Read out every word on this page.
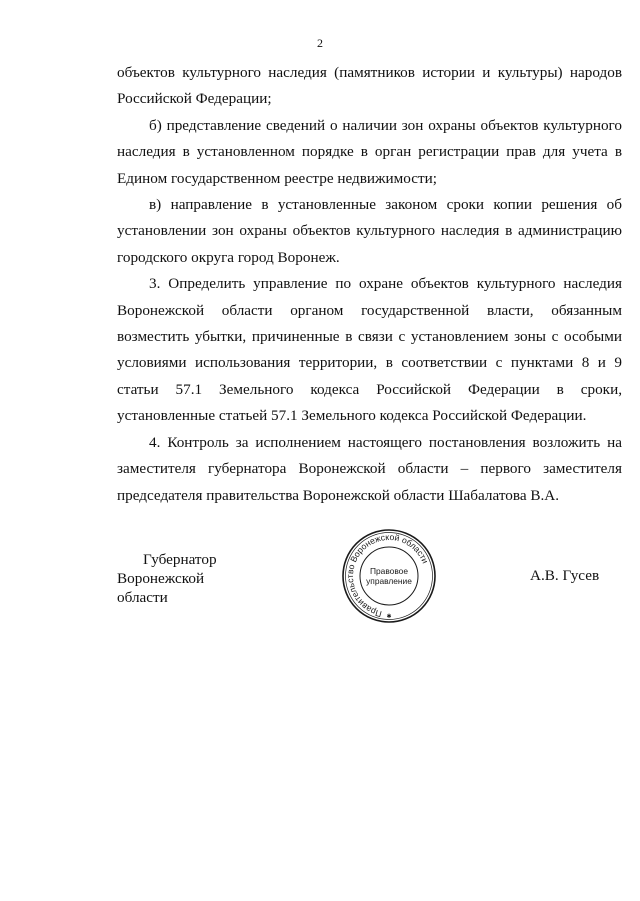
2

объектов культурного наследия (памятников истории и культуры) народов Российской Федерации;

б) представление сведений о наличии зон охраны объектов культурного наследия в установленном порядке в орган регистрации прав для учета в Едином государственном реестре недвижимости;

в) направление в установленные законом сроки копии решения об установлении зон охраны объектов культурного наследия в администрацию городского округа город Воронеж.

3. Определить управление по охране объектов культурного наследия Воронежской области органом государственной власти, обязанным возместить убытки, причиненные в связи с установлением зоны с особыми условиями использования территории, в соответствии с пунктами 8 и 9 статьи 57.1 Земельного кодекса Российской Федерации в сроки, установленные статьей 57.1 Земельного кодекса Российской Федерации.

4. Контроль за исполнением настоящего постановления возложить на заместителя губернатора Воронежской области – первого заместителя председателя правительства Воронежской области Шабалатова В.А.

Губернатор
Воронежской области
Правительство Воронежской области
Правовое
управление
✱
А.В. Гусев
